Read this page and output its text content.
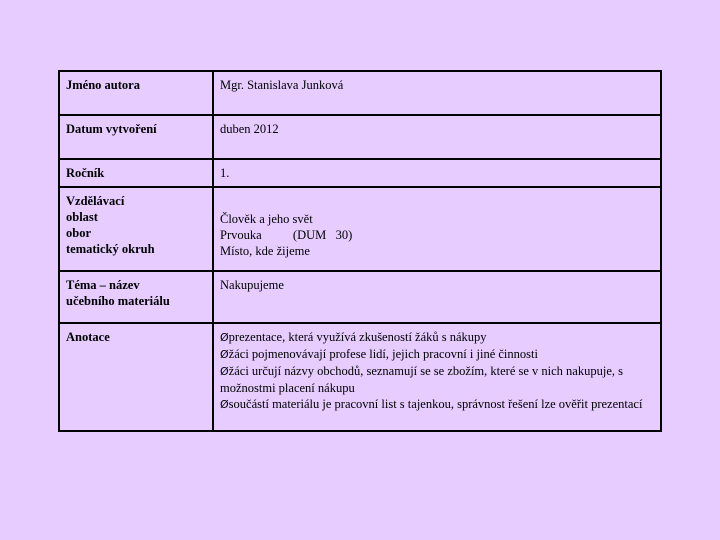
Jméno autora	Mgr. Stanislava Junková
Datum vytvoření	duben 2012
Ročník	1.

Vzdělávací
oblast
obor
tematický okruh	Člověk a jeho svět
Prvouka          (DUM   30)
Místo, kde žijeme

Téma – název
učebního materiálu	Nakupujeme
Anotace	Øprezentace, která využívá zkušeností žáků s nákupy
Øžáci pojmenovávají profese lidí, jejich pracovní i jiné činnosti
Øžáci určují názvy obchodů, seznamují se se zbožím, které se v nich nakupuje, s možnostmi placení nákupu
Øsoučástí materiálu je pracovní list s tajenkou, správnost řešení lze ověřit prezentací
